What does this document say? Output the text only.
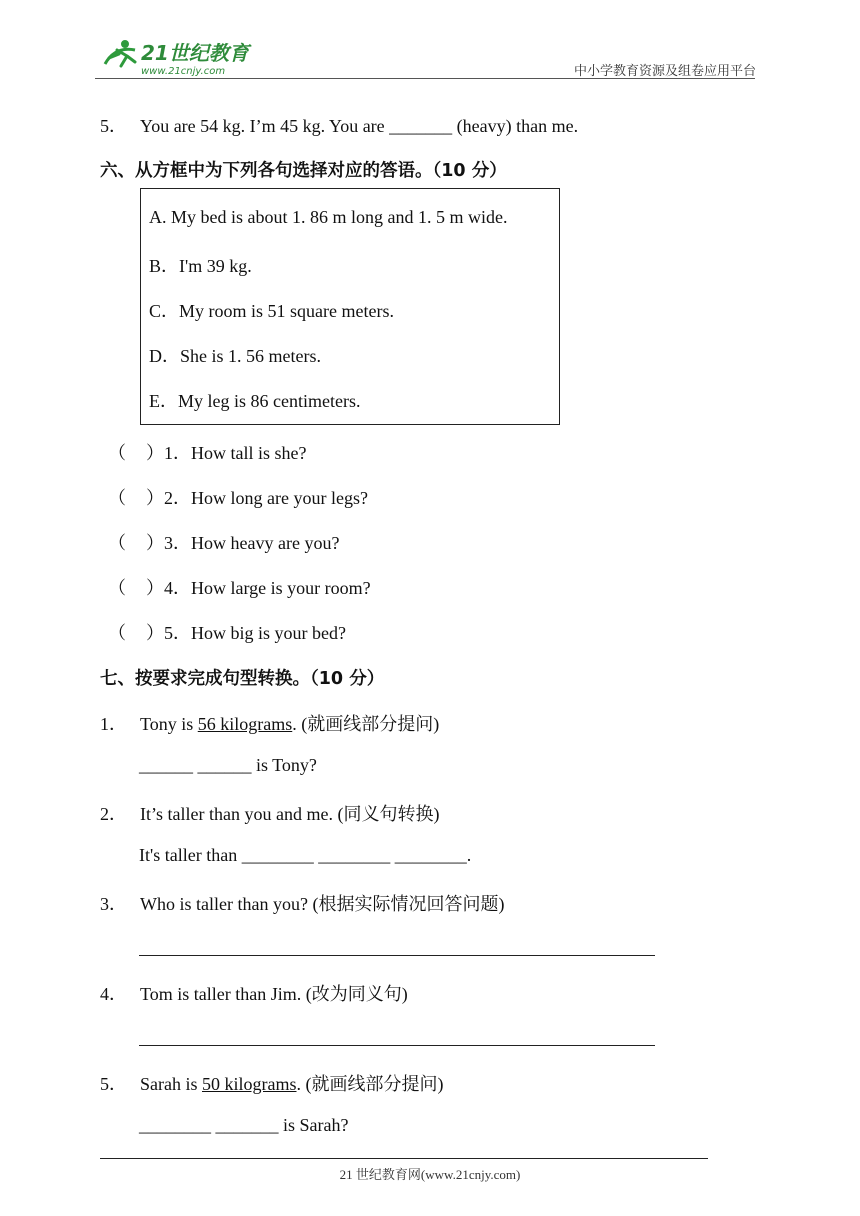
21世纪教育
www.21cnjy.com	中小学教育资源及组卷应用平台
5． You are 54 kg. I’m 45 kg. You are _______ (heavy) than me.
六、从方框中为下列各句选择对应的答语。（10 分）
A. My bed is about 1. 86 m long and 1. 5 m wide.
B．I'm 39 kg.
C．My room is 51 square meters.
D．She is 1. 56 meters.
E．My leg is 86 centimeters.
（ ）1．How tall is she?
（ ）2．How long are your legs?
（ ）3．How heavy are you?
（ ）4．How large is your room?
（ ）5．How big is your bed?
七、按要求完成句型转换。（10 分）
1． Tony is 56 kilograms. (就画线部分提问)
______ ______ is Tony?
2． It’s taller than you and me. (同义句转换)
It's taller than ________ ________ ________.
3． Who is taller than you? (根据实际情况回答问题)
4． Tom is taller than Jim. (改为同义句)
5． Sarah is 50 kilograms. (就画线部分提问)
________ _______ is Sarah?
21 世纪教育网(www.21cnjy.com)
